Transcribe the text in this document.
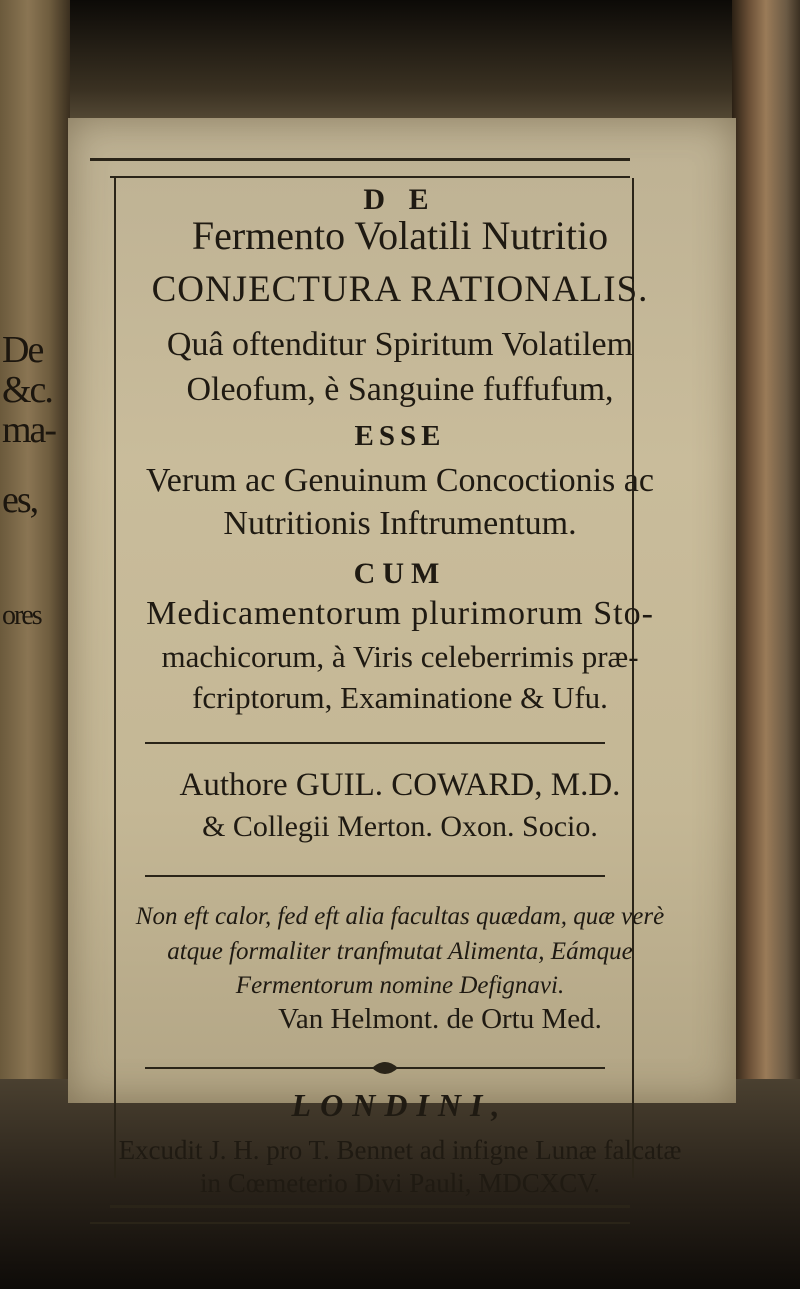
De
&c.
ma-
es,
ores
D E
Fermento Volatili Nutritio
CONJECTURA RATIONALIS.
Quâ oftenditur Spiritum Volatilem
Oleofum, è Sanguine fuffufum,
ESSE
Verum ac Genuinum Concoctionis ac
Nutritionis Inftrumentum.
CUM
Medicamentorum plurimorum Sto-
machicorum, à Viris celeberrimis præ-
fcriptorum, Examinatione & Ufu.
Authore GUIL. COWARD, M.D.
& Collegii Merton. Oxon. Socio.
Non eft calor, fed eft alia facultas quædam, quæ verè
atque formaliter tranfmutat Alimenta, Eámque
Fermentorum nomine Defignavi.
Van Helmont. de Ortu Med.
LONDINI,
Excudit J. H. pro T. Bennet ad infigne Lunæ falcatæ
in Cœmeterio Divi Pauli, MDCXCV.
